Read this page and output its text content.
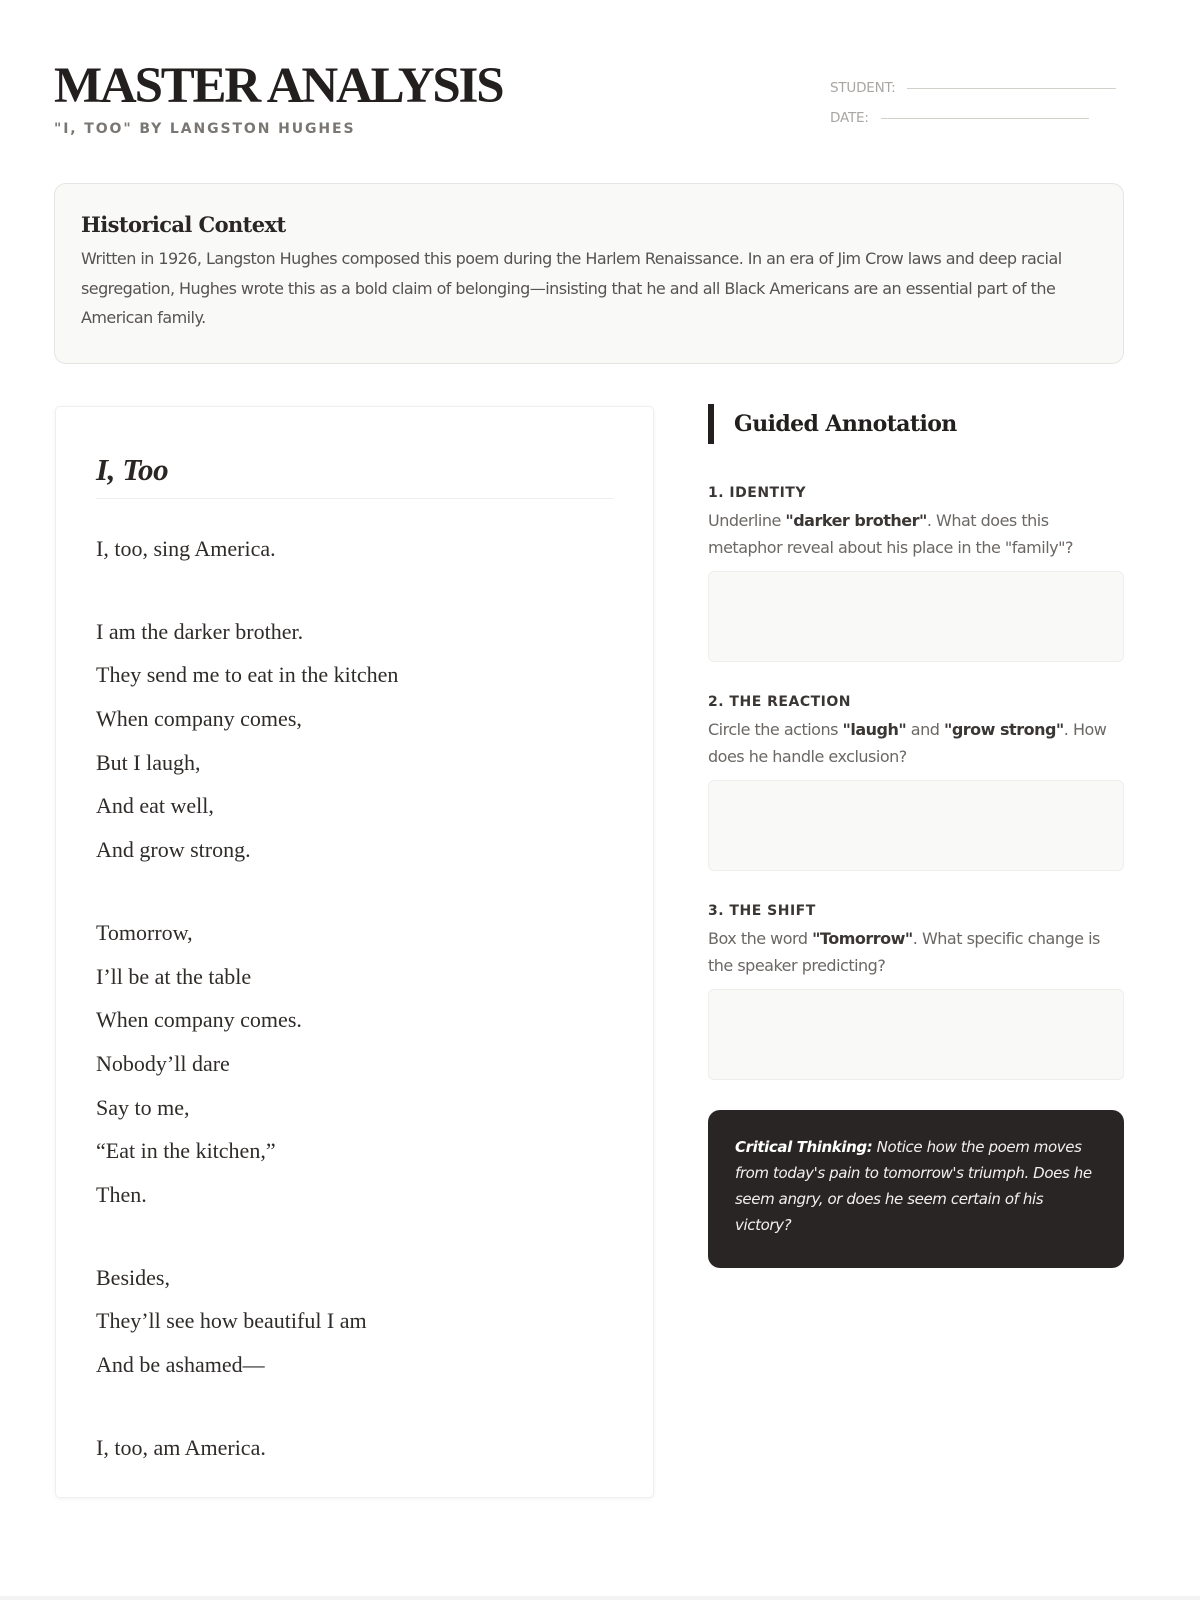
MASTER ANALYSIS
"I, TOO" BY LANGSTON HUGHES
STUDENT:
DATE:
Historical Context

Written in 1926, Langston Hughes composed this poem during the Harlem Renaissance. In an era of Jim Crow laws and deep racial segregation, Hughes wrote this as a bold claim of belonging—insisting that he and all Black Americans are an essential part of the American family.

I, Too
I, too, sing America.
I am the darker brother.
They send me to eat in the kitchen
When company comes,
But I laugh,
And eat well,
And grow strong.
Tomorrow,
I’ll be at the table
When company comes.
Nobody’ll dare
Say to me,
“Eat in the kitchen,”
Then.
Besides,
They’ll see how beautiful I am
And be ashamed—
I, too, am America.
Guided Annotation
1. IDENTITY
Underline "darker brother". What does this metaphor reveal about his place in the "family"?
2. THE REACTION
Circle the actions "laugh" and "grow strong". How does he handle exclusion?
3. THE SHIFT
Box the word "Tomorrow". What specific change is the speaker predicting?
Critical Thinking: Notice how the poem moves from today's pain to tomorrow's triumph. Does he seem angry, or does he seem certain of his victory?
